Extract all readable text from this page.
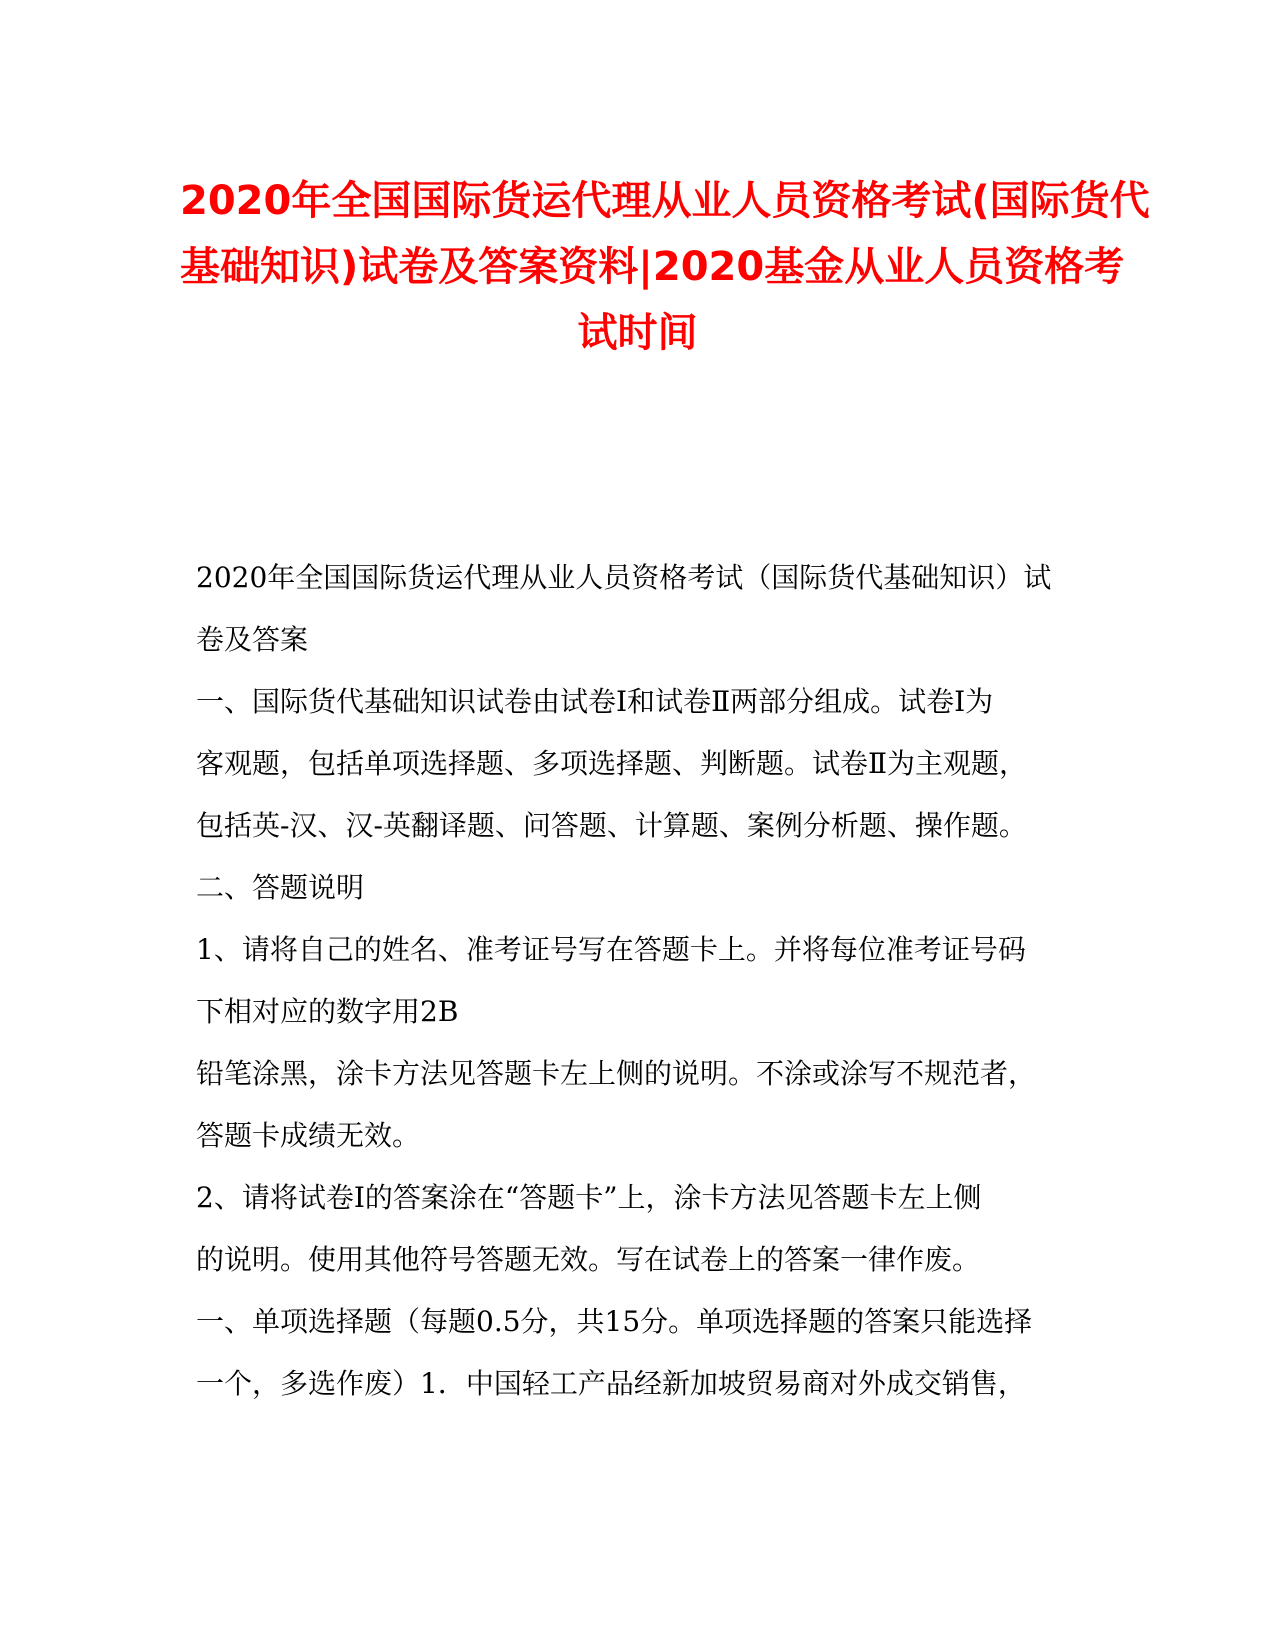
2020年全国国际货运代理从业人员资格考试(国际货代
基础知识)试卷及答案资料|2020基金从业人员资格考
试时间
2020年全国国际货运代理从业人员资格考试（国际货代基础知识）试
卷及答案
一、国际货代基础知识试卷由试卷Ⅰ和试卷Ⅱ两部分组成。试卷Ⅰ为
客观题，包括单项选择题、多项选择题、判断题。试卷Ⅱ为主观题，
包括英-汉、汉-英翻译题、问答题、计算题、案例分析题、操作题。
二、答题说明
1、请将自己的姓名、准考证号写在答题卡上。并将每位准考证号码
下相对应的数字用2B
铅笔涂黑，涂卡方法见答题卡左上侧的说明。不涂或涂写不规范者，
答题卡成绩无效。
2、请将试卷Ⅰ的答案涂在“答题卡”上，涂卡方法见答题卡左上侧
的说明。使用其他符号答题无效。写在试卷上的答案一律作废。
一、单项选择题（每题0.5分，共15分。单项选择题的答案只能选择
一个，多选作废）1．中国轻工产品经新加坡贸易商对外成交销售，
